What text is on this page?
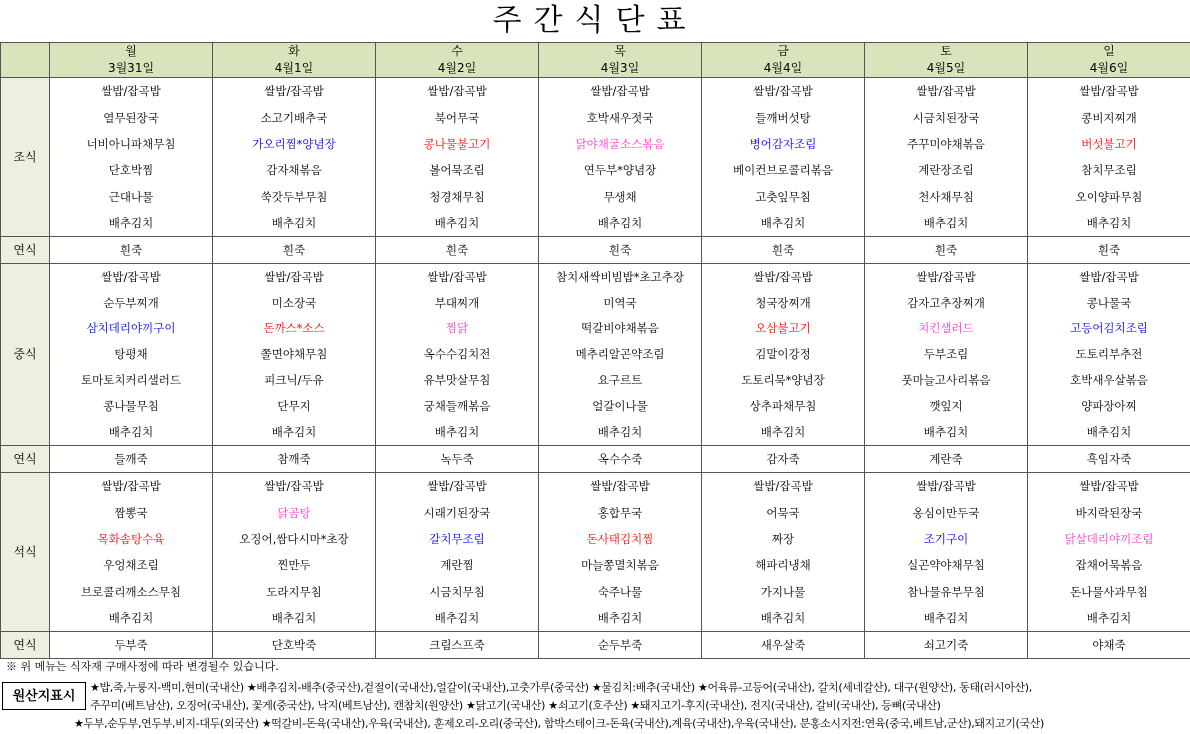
주간식단표
	월	화	수	목	금	토	일
	3월31일	4월1일	4월2일	4월3일	4월4일	4월5일	4월6일
조식	쌀밥/잡곡밥	쌀밥/잡곡밥	쌀밥/잡곡밥	쌀밥/잡곡밥	쌀밥/잡곡밥	쌀밥/잡곡밥	쌀밥/잡곡밥
	열무된장국	소고기배추국	북어무국	호박새우젓국	들깨버섯탕	시금치된장국	콩비지찌개
	너비아니파채무침	가오리찜*양념장	콩나물불고기	닭야채굴소스볶음	병어감자조림	주꾸미야채볶음	버섯불고기
	단호박찜	감자채볶음	볼어묵조림	연두부*양념장	베이컨브로콜리볶음	계란장조림	참치무조림
	근대나물	쑥갓두부무침	청경채무침	무생채	고춧잎무침	천사채무침	오이양파무침
	배추김치	배추김치	배추김치	배추김치	배추김치	배추김치	배추김치
연식	흰죽	흰죽	흰죽	흰죽	흰죽	흰죽	흰죽
중식	쌀밥/잡곡밥	쌀밥/잡곡밥	쌀밥/잡곡밥	참치새싹비빔밥*초고추장	쌀밥/잡곡밥	쌀밥/잡곡밥	쌀밥/잡곡밥
	순두부찌개	미소장국	부대찌개	미역국	청국장찌개	감자고추장찌개	콩나물국
	삼치데리야끼구이	돈까스*소스	찜닭	떡갈비야채볶음	오삼불고기	치킨샐러드	고등어김치조림
	탕평채	쫄면야채무침	옥수수김치전	메추리알곤약조림	김말이강정	두부조림	도토리부추전
	토마토치커리샐러드	피크닉/두유	유부맛살무침	요구르트	도토리묵*양념장	풋마늘고사리볶음	호박새우살볶음
	콩나물무침	단무지	궁채들깨볶음	얼갈이나물	상추파채무침	깻잎지	양파장아찌
	배추김치	배추김치	배추김치	배추김치	배추김치	배추김치	배추김치
연식	들깨죽	참깨죽	녹두죽	옥수수죽	감자죽	계란죽	흑임자죽
석식	쌀밥/잡곡밥	쌀밥/잡곡밥	쌀밥/잡곡밥	쌀밥/잡곡밥	쌀밥/잡곡밥	쌀밥/잡곡밥	쌀밥/잡곡밥
	짬뽕국	닭곰탕	시래기된장국	홍합무국	어묵국	옹심이만두국	바지락된장국
	목화솜탕수육	오징어,쌈다시마*초장	갈치무조림	돈사태김치찜	짜장	조기구이	닭살데리야끼조림
	우엉채조림	찐만두	계란찜	마늘쫑멸치볶음	해파리냉채	실곤약야채무침	잡채어묵볶음
	브로콜리깨소스무침	도라지무침	시금치무침	숙주나물	가지나물	참나물유부무침	돈나물사과무침
	배추김치	배추김치	배추김치	배추김치	배추김치	배추김치	배추김치
연식	두부죽	단호박죽	크림스프죽	순두부죽	새우살죽	쇠고기죽	야채죽
※ 위 메뉴는 식자재 구매사정에 따라 변경될수 있습니다.
원산지표시
★밥,죽,누룽지-백미,현미(국내산) ★배추김치-배추(중국산),겉절이(국내산),얼갈이(국내산),고춧가루(중국산) ★물김치:배추(국내산) ★어육류-고등어(국내산), 갈치(세네갈산), 대구(원양산), 동태(러시아산),
주꾸미(베트남산), 오징어(국내산), 꽃게(중국산), 낙지(베트남산), 캔참치(원양산) ★닭고기(국내산) ★쇠고기(호주산) ★돼지고기-후지(국내산), 전지(국내산), 갈비(국내산), 등뼈(국내산)
★두부,순두부,연두부,비지-대두(외국산) ★떡갈비-돈육(국내산),우육(국내산), 훈제오리-오리(중국산), 함박스테이크-돈육(국내산),계육(국내산),우육(국내산), 분홍소시지전:연육(중국,베트남,군산),돼지고기(국산)
